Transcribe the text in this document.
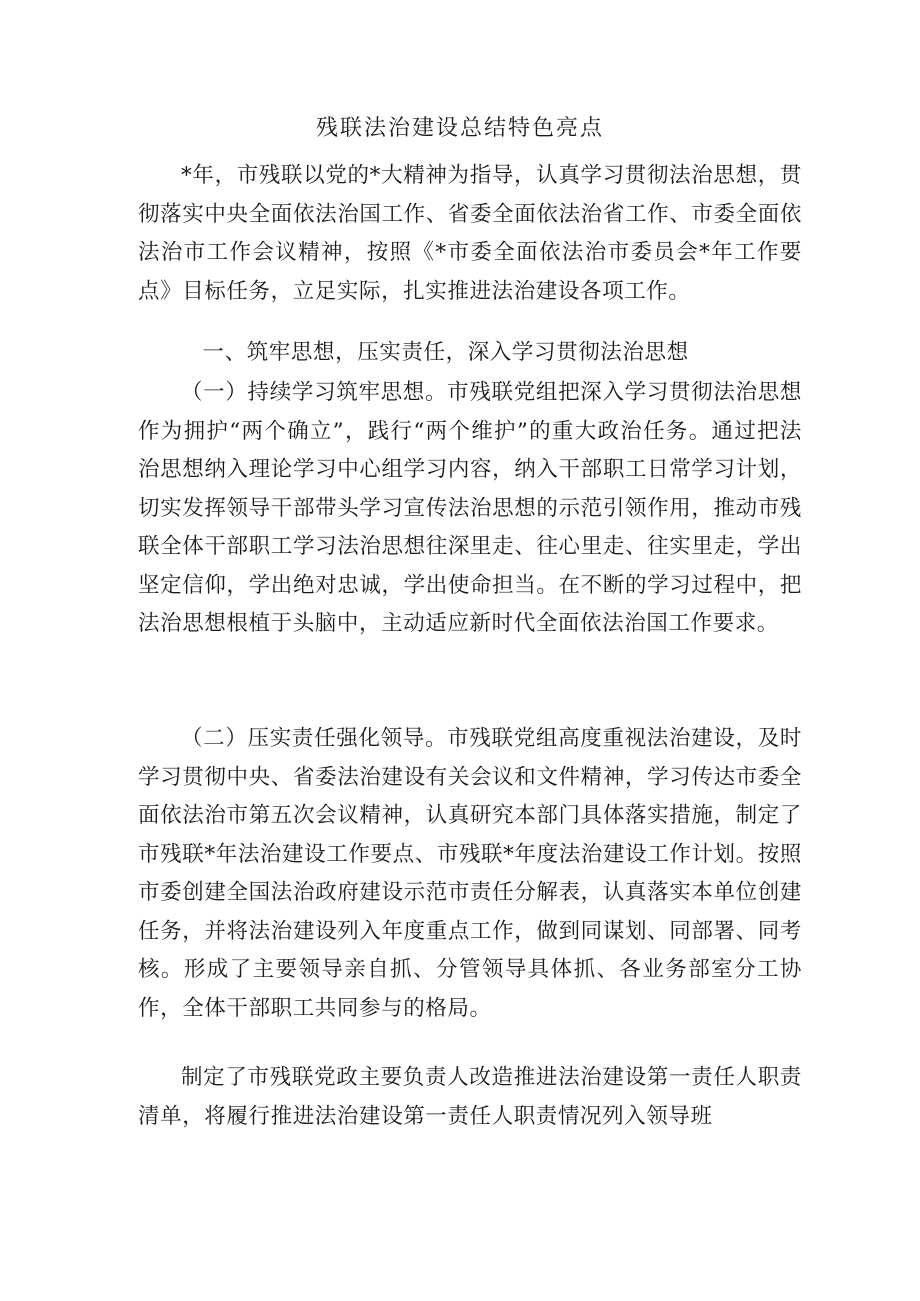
残联法治建设总结特色亮点

*年，市残联以党的*大精神为指导，认真学习贯彻法治思想，贯彻落实中央全面依法治国工作、省委全面依法治省工作、市委全面依法治市工作会议精神，按照《*市委全面依法治市委员会*年工作要点》目标任务，立足实际，扎实推进法治建设各项工作。

一、筑牢思想，压实责任，深入学习贯彻法治思想

（一）持续学习筑牢思想。市残联党组把深入学习贯彻法治思想作为拥护“两个确立”，践行“两个维护”的重大政治任务。通过把法治思想纳入理论学习中心组学习内容，纳入干部职工日常学习计划，切实发挥领导干部带头学习宣传法治思想的示范引领作用，推动市残联全体干部职工学习法治思想往深里走、往心里走、往实里走，学出坚定信仰，学出绝对忠诚，学出使命担当。在不断的学习过程中，把法治思想根植于头脑中，主动适应新时代全面依法治国工作要求。

（二）压实责任强化领导。市残联党组高度重视法治建设，及时学习贯彻中央、省委法治建设有关会议和文件精神，学习传达市委全面依法治市第五次会议精神，认真研究本部门具体落实措施，制定了市残联*年法治建设工作要点、市残联*年度法治建设工作计划。按照市委创建全国法治政府建设示范市责任分解表，认真落实本单位创建任务，并将法治建设列入年度重点工作，做到同谋划、同部署、同考核。形成了主要领导亲自抓、分管领导具体抓、各业务部室分工协作，全体干部职工共同参与的格局。

制定了市残联党政主要负责人改造推进法治建设第一责任人职责清单，将履行推进法治建设第一责任人职责情况列入领导班
